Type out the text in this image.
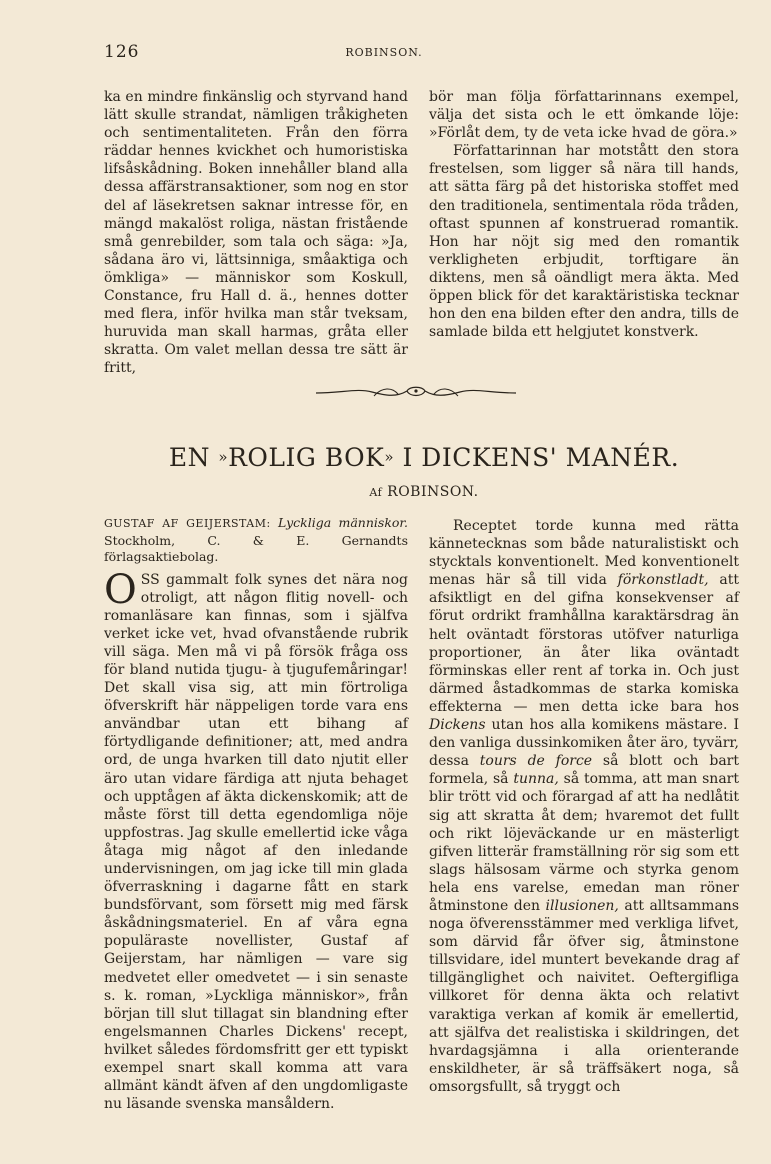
126	ROBINSON.

ka en mindre finkänslig och styrvand hand lätt skulle strandat, nämligen tråkigheten och sentimentaliteten. Från den förra räddar hennes kvickhet och humoristiska lifsåskådning. Boken innehåller bland alla dessa affärstransaktioner, som nog en stor del af läsekretsen saknar intresse för, en mängd makalöst roliga, nästan fristående små genrebilder, som tala och säga: »Ja, sådana äro vi, lättsinniga, småaktiga och ömkliga» — människor som Koskull, Constance, fru Hall d. ä., hennes dotter med flera, inför hvilka man står tveksam, huruvida man skall harmas, gråta eller skratta. Om valet mellan dessa tre sätt är fritt,

bör man följa författarinnans exempel, välja det sista och le ett ömkande löje: »Förlåt dem, ty de veta icke hvad de göra.»

Författarinnan har motstått den stora frestelsen, som ligger så nära till hands, att sätta färg på det historiska stoffet med den traditionela, sentimentala röda tråden, oftast spunnen af konstruerad romantik. Hon har nöjt sig med den romantik verkligheten erbjudit, torftigare än diktens, men så oändligt mera äkta. Med öppen blick för det karaktäristiska tecknar hon den ena bilden efter den andra, tills de samlade bilda ett helgjutet konstverk.

EN »ROLIG BOK» I DICKENS' MANÉR.
Af ROBINSON.

GUSTAF AF GEIJERSTAM: Lyckliga människor. Stockholm, C. & E. Gernandts förlagsaktiebolag.

OSS gammalt folk synes det nära nog otroligt, att någon flitig novell- och romanläsare kan finnas, som i själfva verket icke vet, hvad ofvanstående rubrik vill säga. Men må vi på försök fråga oss för bland nutida tjugu- à tjugufemåringar! Det skall visa sig, att min förtroliga öfverskrift här näppeligen torde vara ens användbar utan ett bihang af förtydligande definitioner; att, med andra ord, de unga hvarken till dato njutit eller äro utan vidare färdiga att njuta behaget och upptågen af äkta dickenskomik; att de måste först till detta egendomliga nöje uppfostras. Jag skulle emellertid icke våga åtaga mig något af den inledande undervisningen, om jag icke till min glada öfverraskning i dagarne fått en stark bundsförvant, som försett mig med färsk åskådningsmateriel. En af våra egna populäraste novellister, Gustaf af Geijerstam, har nämligen — vare sig medvetet eller omedvetet — i sin senaste s. k. roman, »Lyckliga människor», från början till slut tillagat sin blandning efter engelsmannen Charles Dickens' recept, hvilket således fördomsfritt ger ett typiskt exempel snart skall komma att vara allmänt kändt äfven af den ungdomligaste nu läsande svenska mansåldern.

Receptet torde kunna med rätta kännetecknas som både naturalistiskt och stycktals konventionelt. Med konventionelt menas här så till vida förkonstladt, att afsiktligt en del gifna konsekvenser af förut ordrikt framhållna karaktärsdrag än helt oväntadt förstoras utöfver naturliga proportioner, än åter lika oväntadt förminskas eller rent af torka in. Och just därmed åstadkommas de starka komiska effekterna — men detta icke bara hos Dickens utan hos alla komikens mästare. I den vanliga dussinkomiken åter äro, tyvärr, dessa tours de force så blott och bart formela, så tunna, så tomma, att man snart blir trött vid och förargad af att ha nedlåtit sig att skratta åt dem; hvaremot det fullt och rikt löjeväckande ur en mästerligt gifven litterär framställning rör sig som ett slags hälsosam värme och styrka genom hela ens varelse, emedan man röner åtminstone den illusionen, att alltsammans noga öfverensstämmer med verkliga lifvet, som därvid får öfver sig, åtminstone tillsvidare, idel muntert bevekande drag af tillgänglighet och naivitet. Oeftergifliga villkoret för denna äkta och relativt varaktiga verkan af komik är emellertid, att själfva det realistiska i skildringen, det hvardagsjämna i alla orienterande enskildheter, är så träffsäkert noga, så omsorgsfullt, så tryggt och
